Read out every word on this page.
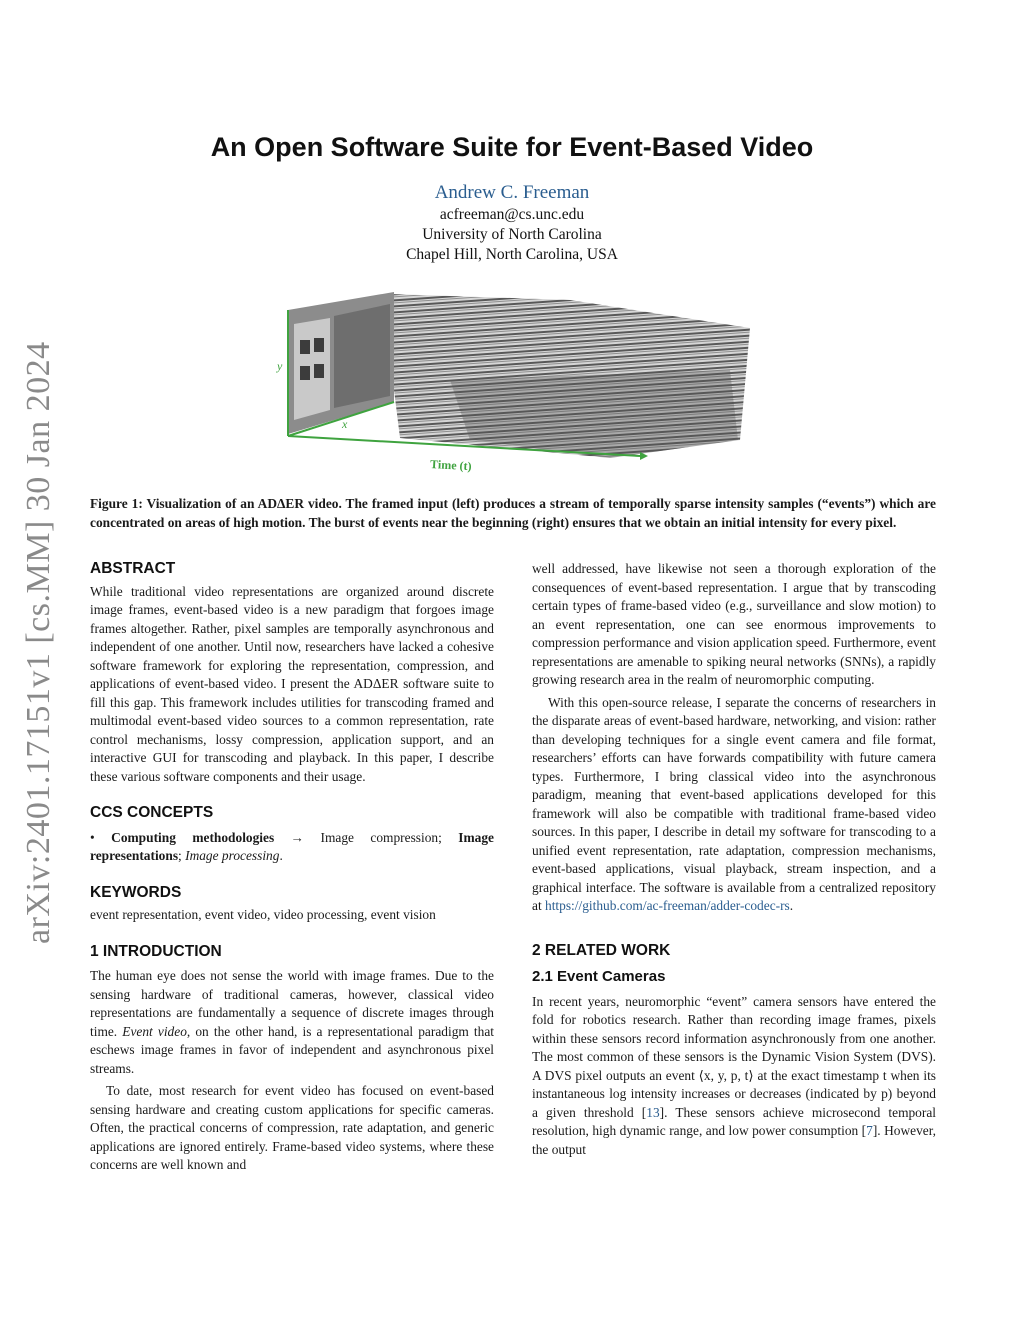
arXiv:2401.17151v1 [cs.MM] 30 Jan 2024
An Open Software Suite for Event-Based Video
Andrew C. Freeman
acfreeman@cs.unc.edu
University of North Carolina
Chapel Hill, North Carolina, USA
y
x
Time (t)
Figure 1: Visualization of an ADΔER video. The framed input (left) produces a stream of temporally sparse intensity samples (“events”) which are concentrated on areas of high motion. The burst of events near the beginning (right) ensures that we obtain an initial intensity for every pixel.
ABSTRACT

While traditional video representations are organized around discrete image frames, event-based video is a new paradigm that forgoes image frames altogether. Rather, pixel samples are temporally asynchronous and independent of one another. Until now, researchers have lacked a cohesive software framework for exploring the representation, compression, and applications of event-based video. I present the ADΔER software suite to fill this gap. This framework includes utilities for transcoding framed and multimodal event-based video sources to a common representation, rate control mechanisms, lossy compression, application support, and an interactive GUI for transcoding and playback. In this paper, I describe these various software components and their usage.

CCS CONCEPTS

• Computing methodologies → Image compression; Image representations; Image processing.

KEYWORDS

event representation, event video, video processing, event vision

1 INTRODUCTION

The human eye does not sense the world with image frames. Due to the sensing hardware of traditional cameras, however, classical video representations are fundamentally a sequence of discrete images through time. Event video, on the other hand, is a representational paradigm that eschews image frames in favor of independent and asynchronous pixel streams.

To date, most research for event video has focused on event-based sensing hardware and creating custom applications for specific cameras. Often, the practical concerns of compression, rate adaptation, and generic applications are ignored entirely. Frame-based video systems, where these concerns are well known and

well addressed, have likewise not seen a thorough exploration of the consequences of event-based representation. I argue that by transcoding certain types of frame-based video (e.g., surveillance and slow motion) to an event representation, one can see enormous improvements to compression performance and vision application speed. Furthermore, event representations are amenable to spiking neural networks (SNNs), a rapidly growing research area in the realm of neuromorphic computing.

With this open-source release, I separate the concerns of researchers in the disparate areas of event-based hardware, networking, and vision: rather than developing techniques for a single event camera and file format, researchers’ efforts can have forwards compatibility with future camera types. Furthermore, I bring classical video into the asynchronous paradigm, meaning that event-based applications developed for this framework will also be compatible with traditional frame-based video sources. In this paper, I describe in detail my software for transcoding to a unified event representation, rate adaptation, compression mechanisms, event-based applications, visual playback, stream inspection, and a graphical interface. The software is available from a centralized repository at https://github.com/ac-freeman/adder-codec-rs.

2 RELATED WORK
2.1 Event Cameras

In recent years, neuromorphic “event” camera sensors have entered the fold for robotics research. Rather than recording image frames, pixels within these sensors record information asynchronously from one another. The most common of these sensors is the Dynamic Vision System (DVS). A DVS pixel outputs an event ⟨x, y, p, t⟩ at the exact timestamp t when its instantaneous log intensity increases or decreases (indicated by p) beyond a given threshold [13]. These sensors achieve microsecond temporal resolution, high dynamic range, and low power consumption [7]. However, the output
